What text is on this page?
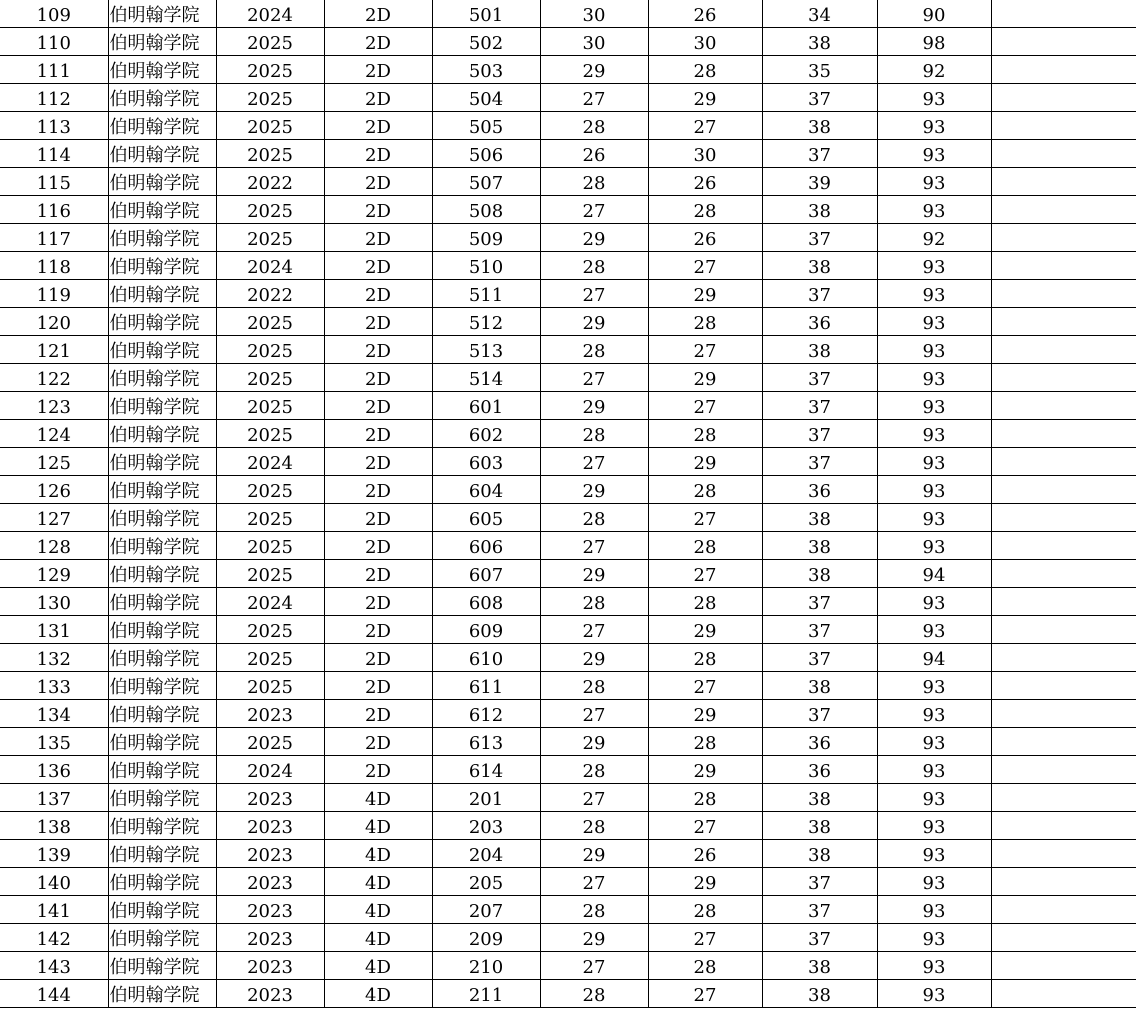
109	伯明翰学院	2024	2D	501	30	26	34	90	
110	伯明翰学院	2025	2D	502	30	30	38	98	
111	伯明翰学院	2025	2D	503	29	28	35	92	
112	伯明翰学院	2025	2D	504	27	29	37	93	
113	伯明翰学院	2025	2D	505	28	27	38	93	
114	伯明翰学院	2025	2D	506	26	30	37	93	
115	伯明翰学院	2022	2D	507	28	26	39	93	
116	伯明翰学院	2025	2D	508	27	28	38	93	
117	伯明翰学院	2025	2D	509	29	26	37	92	
118	伯明翰学院	2024	2D	510	28	27	38	93	
119	伯明翰学院	2022	2D	511	27	29	37	93	
120	伯明翰学院	2025	2D	512	29	28	36	93	
121	伯明翰学院	2025	2D	513	28	27	38	93	
122	伯明翰学院	2025	2D	514	27	29	37	93	
123	伯明翰学院	2025	2D	601	29	27	37	93	
124	伯明翰学院	2025	2D	602	28	28	37	93	
125	伯明翰学院	2024	2D	603	27	29	37	93	
126	伯明翰学院	2025	2D	604	29	28	36	93	
127	伯明翰学院	2025	2D	605	28	27	38	93	
128	伯明翰学院	2025	2D	606	27	28	38	93	
129	伯明翰学院	2025	2D	607	29	27	38	94	
130	伯明翰学院	2024	2D	608	28	28	37	93	
131	伯明翰学院	2025	2D	609	27	29	37	93	
132	伯明翰学院	2025	2D	610	29	28	37	94	
133	伯明翰学院	2025	2D	611	28	27	38	93	
134	伯明翰学院	2023	2D	612	27	29	37	93	
135	伯明翰学院	2025	2D	613	29	28	36	93	
136	伯明翰学院	2024	2D	614	28	29	36	93	
137	伯明翰学院	2023	4D	201	27	28	38	93	
138	伯明翰学院	2023	4D	203	28	27	38	93	
139	伯明翰学院	2023	4D	204	29	26	38	93	
140	伯明翰学院	2023	4D	205	27	29	37	93	
141	伯明翰学院	2023	4D	207	28	28	37	93	
142	伯明翰学院	2023	4D	209	29	27	37	93	
143	伯明翰学院	2023	4D	210	27	28	38	93	
144	伯明翰学院	2023	4D	211	28	27	38	93	
